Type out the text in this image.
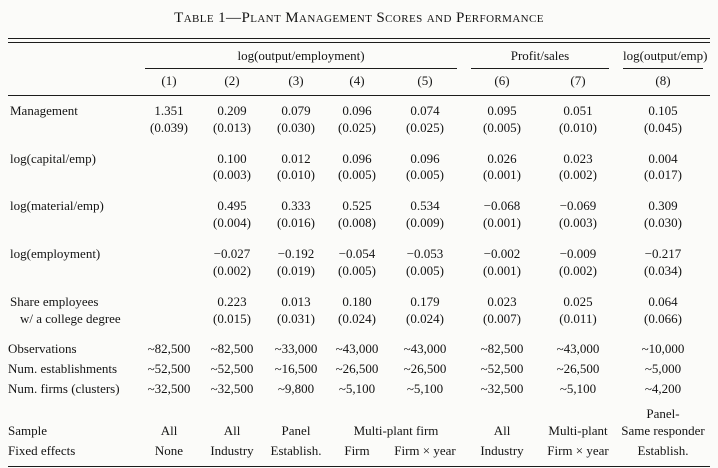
Table 1—Plant Management Scores and Performance

	log(output/employment)					Profit/sales		log(output/emp)

	(1)	(2)	(3)	(4)	(5)	(6)	(7)	(8)
Management	1.351	0.209	0.079	0.096	0.074	0.095	0.051	0.105
	(0.039)	(0.013)	(0.030)	(0.025)	(0.025)	(0.005)	(0.010)	(0.045)

log(capital/emp)		0.100	0.012	0.096	0.096	0.026	0.023	0.004
		(0.003)	(0.010)	(0.005)	(0.005)	(0.001)	(0.002)	(0.017)

log(material/emp)		0.495	0.333	0.525	0.534	−0.068	−0.069	0.309
		(0.004)	(0.016)	(0.008)	(0.009)	(0.001)	(0.003)	(0.030)

log(employment)		−0.027	−0.192	−0.054	−0.053	−0.002	−0.009	−0.217
		(0.002)	(0.019)	(0.005)	(0.005)	(0.001)	(0.002)	(0.034)

Share employees		0.223	0.013	0.180	0.179	0.023	0.025	0.064
w/ a college degree		(0.015)	(0.031)	(0.024)	(0.024)	(0.007)	(0.011)	(0.066)

Observations	~82,500	~82,500	~33,000	~43,000	~43,000	~82,500	~43,000	~10,000
Num. establishments	~52,500	~52,500	~16,500	~26,500	~26,500	~52,500	~26,500	~5,000
Num. firms (clusters)	~32,500	~32,500	~9,800	~5,100	~5,100	~32,500	~5,100	~4,200

Sample	All	All	Panel	Multi-plant firm		All	Multi-plant	Panel-
Same responder

Fixed effects	None	Industry	Establish.	Firm	Firm × year	Industry	Firm × year	Establish.
